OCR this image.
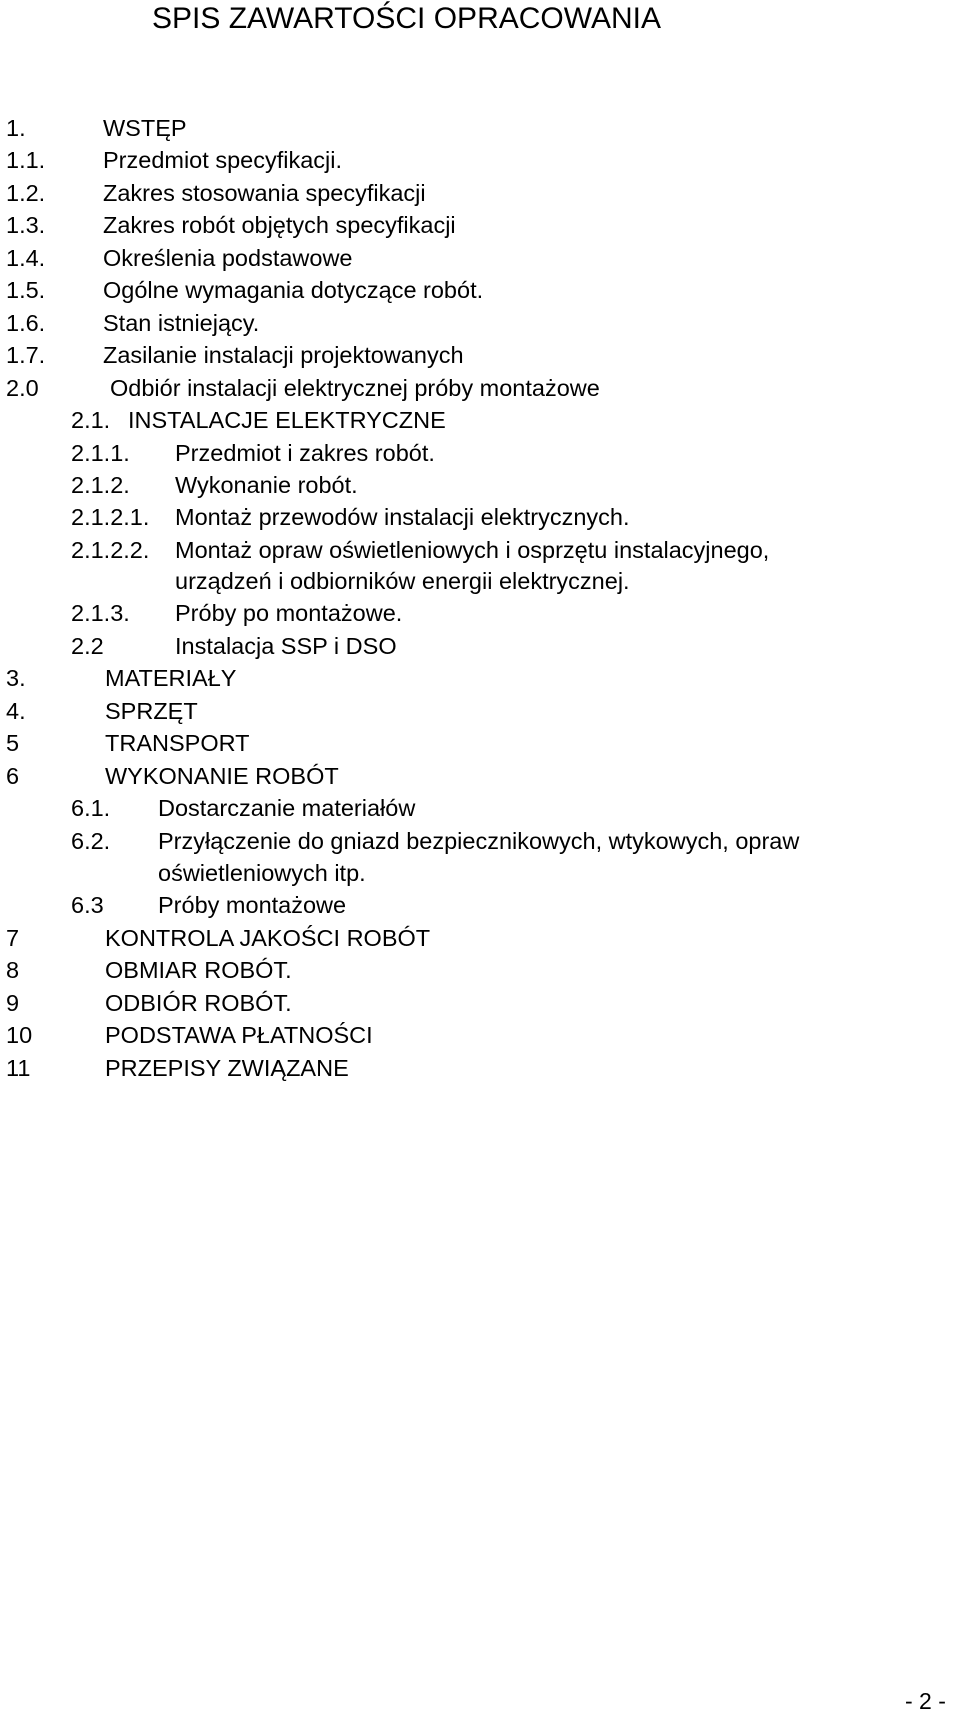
SPIS ZAWARTOŚCI OPRACOWANIA
1.	WSTĘP
1.1. Przedmiot specyfikacji.
1.2. Zakres stosowania specyfikacji
1.3. Zakres robót objętych specyfikacji
1.4. Określenia podstawowe
1.5. Ogólne wymagania dotyczące robót.
1.6. Stan istniejący.
1.7. Zasilanie instalacji projektowanych
2.0	Odbiór instalacji elektrycznej próby montażowe
2.1. INSTALACJE ELEKTRYCZNE
2.1.1. Przedmiot i zakres robót.
2.1.2. Wykonanie robót.
2.1.2.1. Montaż przewodów instalacji elektrycznych.
2.1.2.2. Montaż opraw oświetleniowych i osprzętu instalacyjnego,
urządzeń i odbiorników energii elektrycznej.
2.1.3. Próby po montażowe.
2.2	Instalacja SSP i DSO
3.	MATERIAŁY
4.	SPRZĘT
5	TRANSPORT
6	WYKONANIE ROBÓT
6.1. Dostarczanie materiałów
6.2. Przyłączenie do gniazd bezpiecznikowych, wtykowych, opraw
oświetleniowych itp.
6.3 Próby montażowe
7	KONTROLA JAKOŚCI ROBÓT
8	OBMIAR ROBÓT.
9	ODBIÓR ROBÓT.
10	PODSTAWA PŁATNOŚCI
11	PRZEPISY ZWIĄZANE
- 2 -
